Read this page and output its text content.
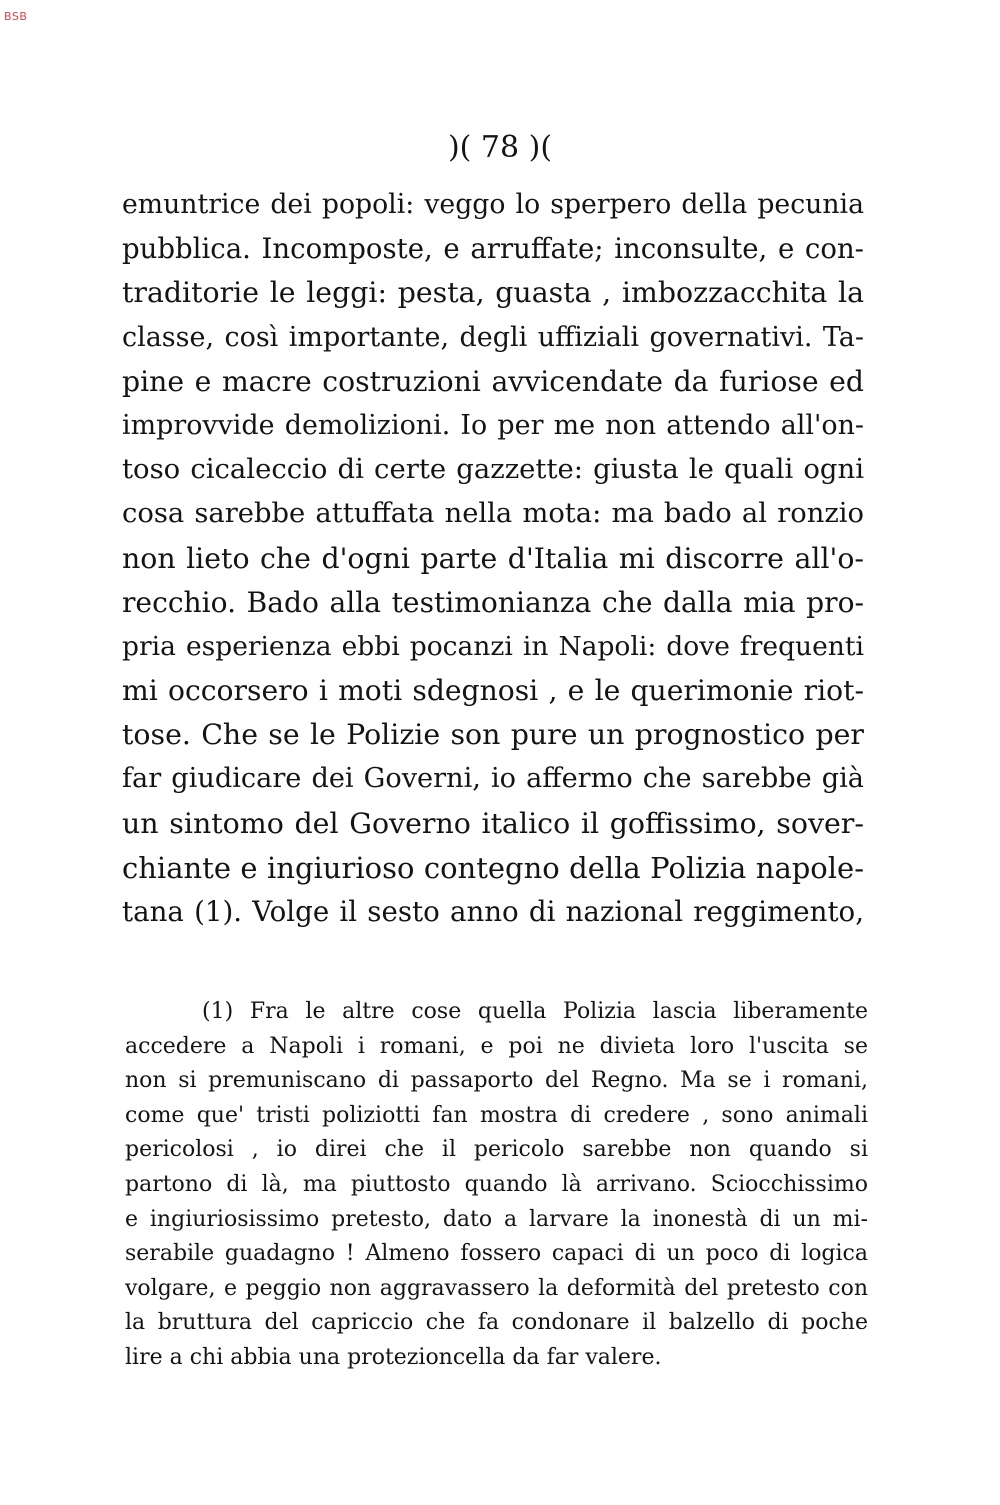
BSB
)( 78 )(
emuntrice dei popoli: veggo lo sperpero della pecunia
pubblica. Incomposte, e arruffate; inconsulte, e con-
traditorie le leggi: pesta, guasta , imbozzacchita la
classe, così importante, degli uffiziali governativi. Ta-
pine e macre costruzioni avvicendate da furiose ed
improvvide demolizioni. Io per me non attendo all'on-
toso cicaleccio di certe gazzette: giusta le quali ogni
cosa sarebbe attuffata nella mota: ma bado al ronzio
non lieto che d'ogni parte d'Italia mi discorre all'o-
recchio. Bado alla testimonianza che dalla mia pro-
pria esperienza ebbi pocanzi in Napoli: dove frequenti
mi occorsero i moti sdegnosi , e le querimonie riot-
tose. Che se le Polizie son pure un prognostico per
far giudicare dei Governi, io affermo che sarebbe già
un sintomo del Governo italico il goffissimo, sover-
chiante e ingiurioso contegno della Polizia napole-
tana (1). Volge il sesto anno di nazional reggimento,
(1) Fra le altre cose quella Polizia lascia liberamente
accedere a Napoli i romani, e poi ne divieta loro l'uscita se
non si premuniscano di passaporto del Regno. Ma se i romani,
come que' tristi poliziotti fan mostra di credere , sono animali
pericolosi , io direi che il pericolo sarebbe non quando si
partono di là, ma piuttosto quando là arrivano. Sciocchissimo
e ingiuriosissimo pretesto, dato a larvare la inonestà di un mi-
serabile guadagno ! Almeno fossero capaci di un poco di logica
volgare, e peggio non aggravassero la deformità del pretesto con
la bruttura del capriccio che fa condonare il balzello di poche
lire a chi abbia una protezioncella da far valere.
